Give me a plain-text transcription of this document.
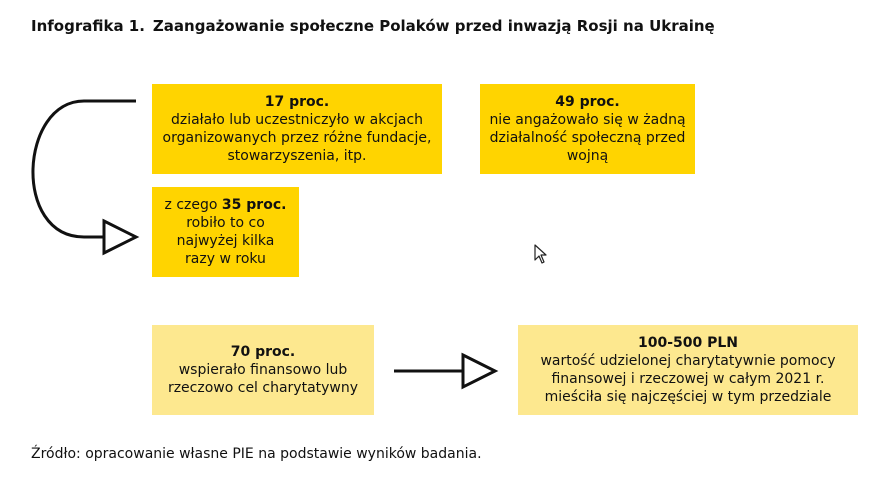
Infografika 1. Zaangażowanie społeczne Polaków przed inwazją Rosji na Ukrainę
17 proc.
działało lub uczestniczyło w akcjach organizowanych przez różne fundacje, stowarzyszenia, itp.
49 proc.
nie angażowało się w żadną działalność społeczną przed wojną
z czego 35 proc.
robiło to co najwyżej kilka razy w roku
70 proc.
wspierało finansowo lub rzeczowo cel charytatywny
100-500 PLN
wartość udzielonej charytatywnie pomocy finansowej i rzeczowej w całym 2021 r. mieściła się najczęściej w tym przedziale
Źródło: opracowanie własne PIE na podstawie wyników badania.
